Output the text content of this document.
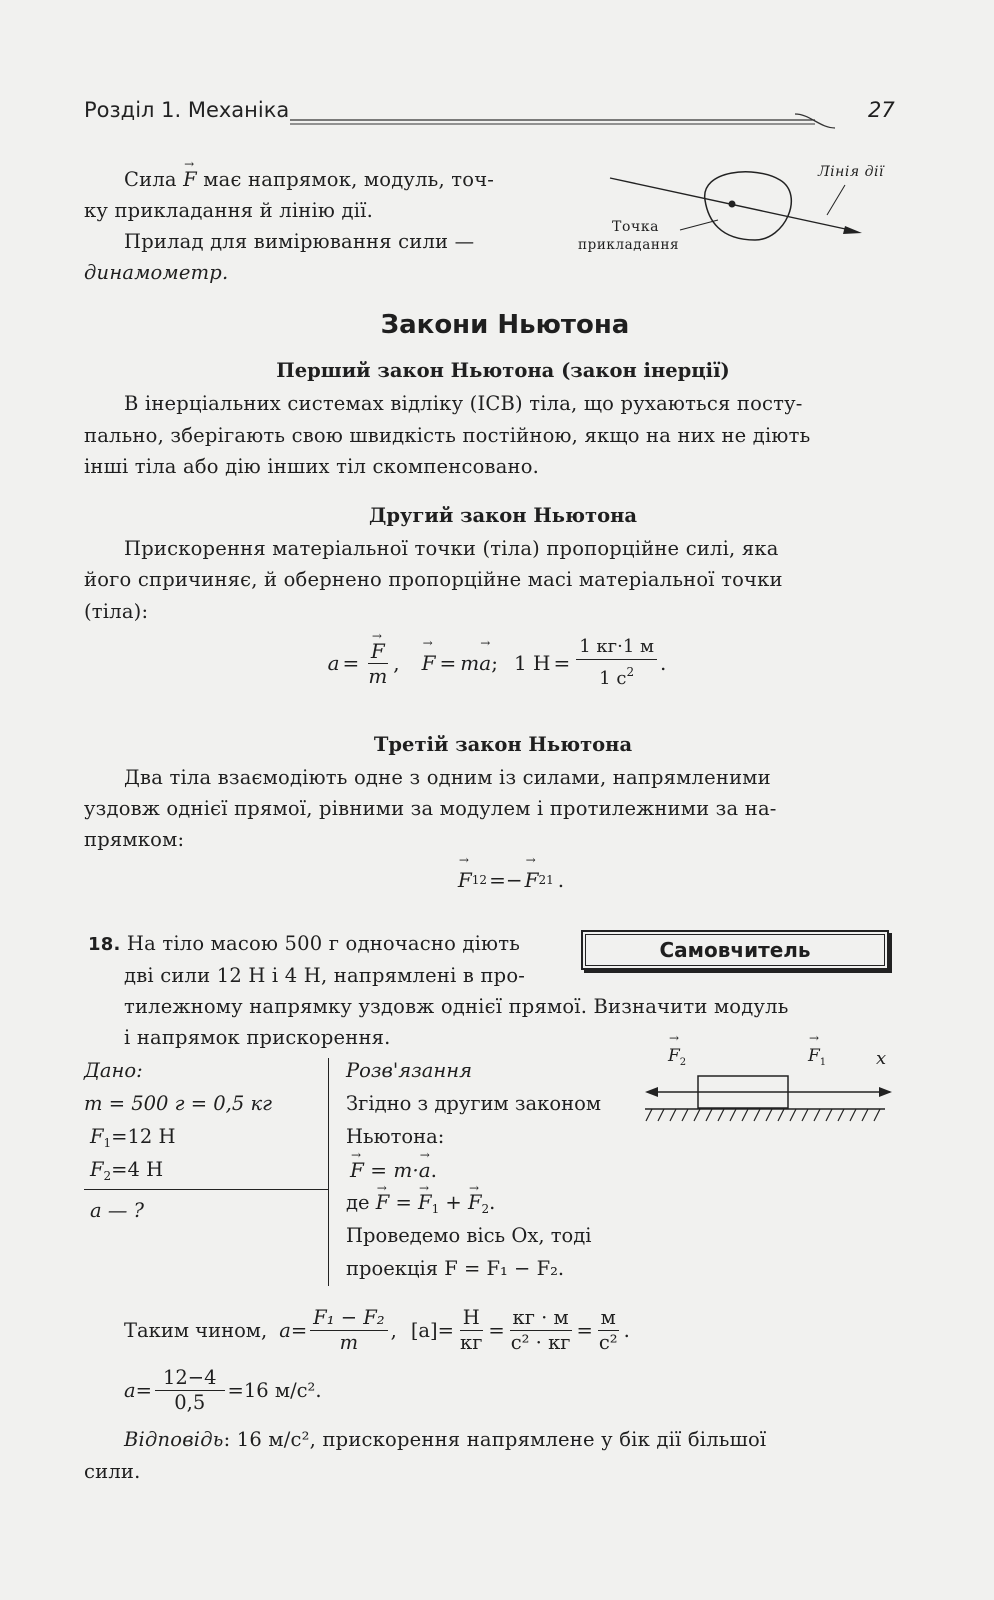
Розділ 1. Механіка	27
Сила → F має напрямок, модуль, точ-
ку прикладання й лінію дії.
Прилад для вимірювання сили —
динамометр.
Лінія дії
Точка
прикладання
Закони Ньютона
Перший закон Ньютона (закон інерції)
В інерціальних системах відліку (ІСВ) тіла, що рухаються посту-
пально, зберігають свою швидкість постійною, якщо на них не діють
інші тіла або дію інших тіл скомпенсовано.
Другий закон Ньютона
Прискорення матеріальної точки (тіла) пропорційне силі, яка
його спричиняє, й обернено пропорційне масі матеріальної точки
(тіла):
a = → $\frac{F}{m}$ , → F = m → a ; 1 $Н = \frac{1 кг\cdot 1 м}{1 с^2}$ .
Третій закон Ньютона
Два тіла взаємодіють одне з одним із силами, напрямленими
уздовж однієї прямої, рівними за модулем і протилежними за на-
прямком:
→ F 12 =− → F 21 .
18. На тіло масою 500 г одночасно діють
дві сили 12 Н і 4 Н, напрямлені в про-
тилежному напрямку уздовж однієї прямої. Визначити модуль
і напрямок прискорення.
Самовчитель
Дано:
m = 500 г = 0,5 кг
$F_1=12$ Н
$F_2=4$ Н
a — ?
Розв'язання
Згідно з другим законом
Ньютона:
→ F = m·→ a.
де → F = → $F_1$ + → $F_2$.
Проведемо вісь Ox, тоді
проекція F = F₁ − F₂.
→ $F_2$	→ $F_1$	x
Таким чином, $a = \frac{\text{F₁ − F₂}}{m}$ , $[a] = \frac{Н}{кг} = \frac{кг \cdot м}{\text{с² · кг}} = \frac{м}{\text{с²}}$ .
$a = \frac{12-4}{0,5} =16$ м/с².
Відповідь: 16 м/с², прискорення напрямлене у бік дії більшої
сили.
